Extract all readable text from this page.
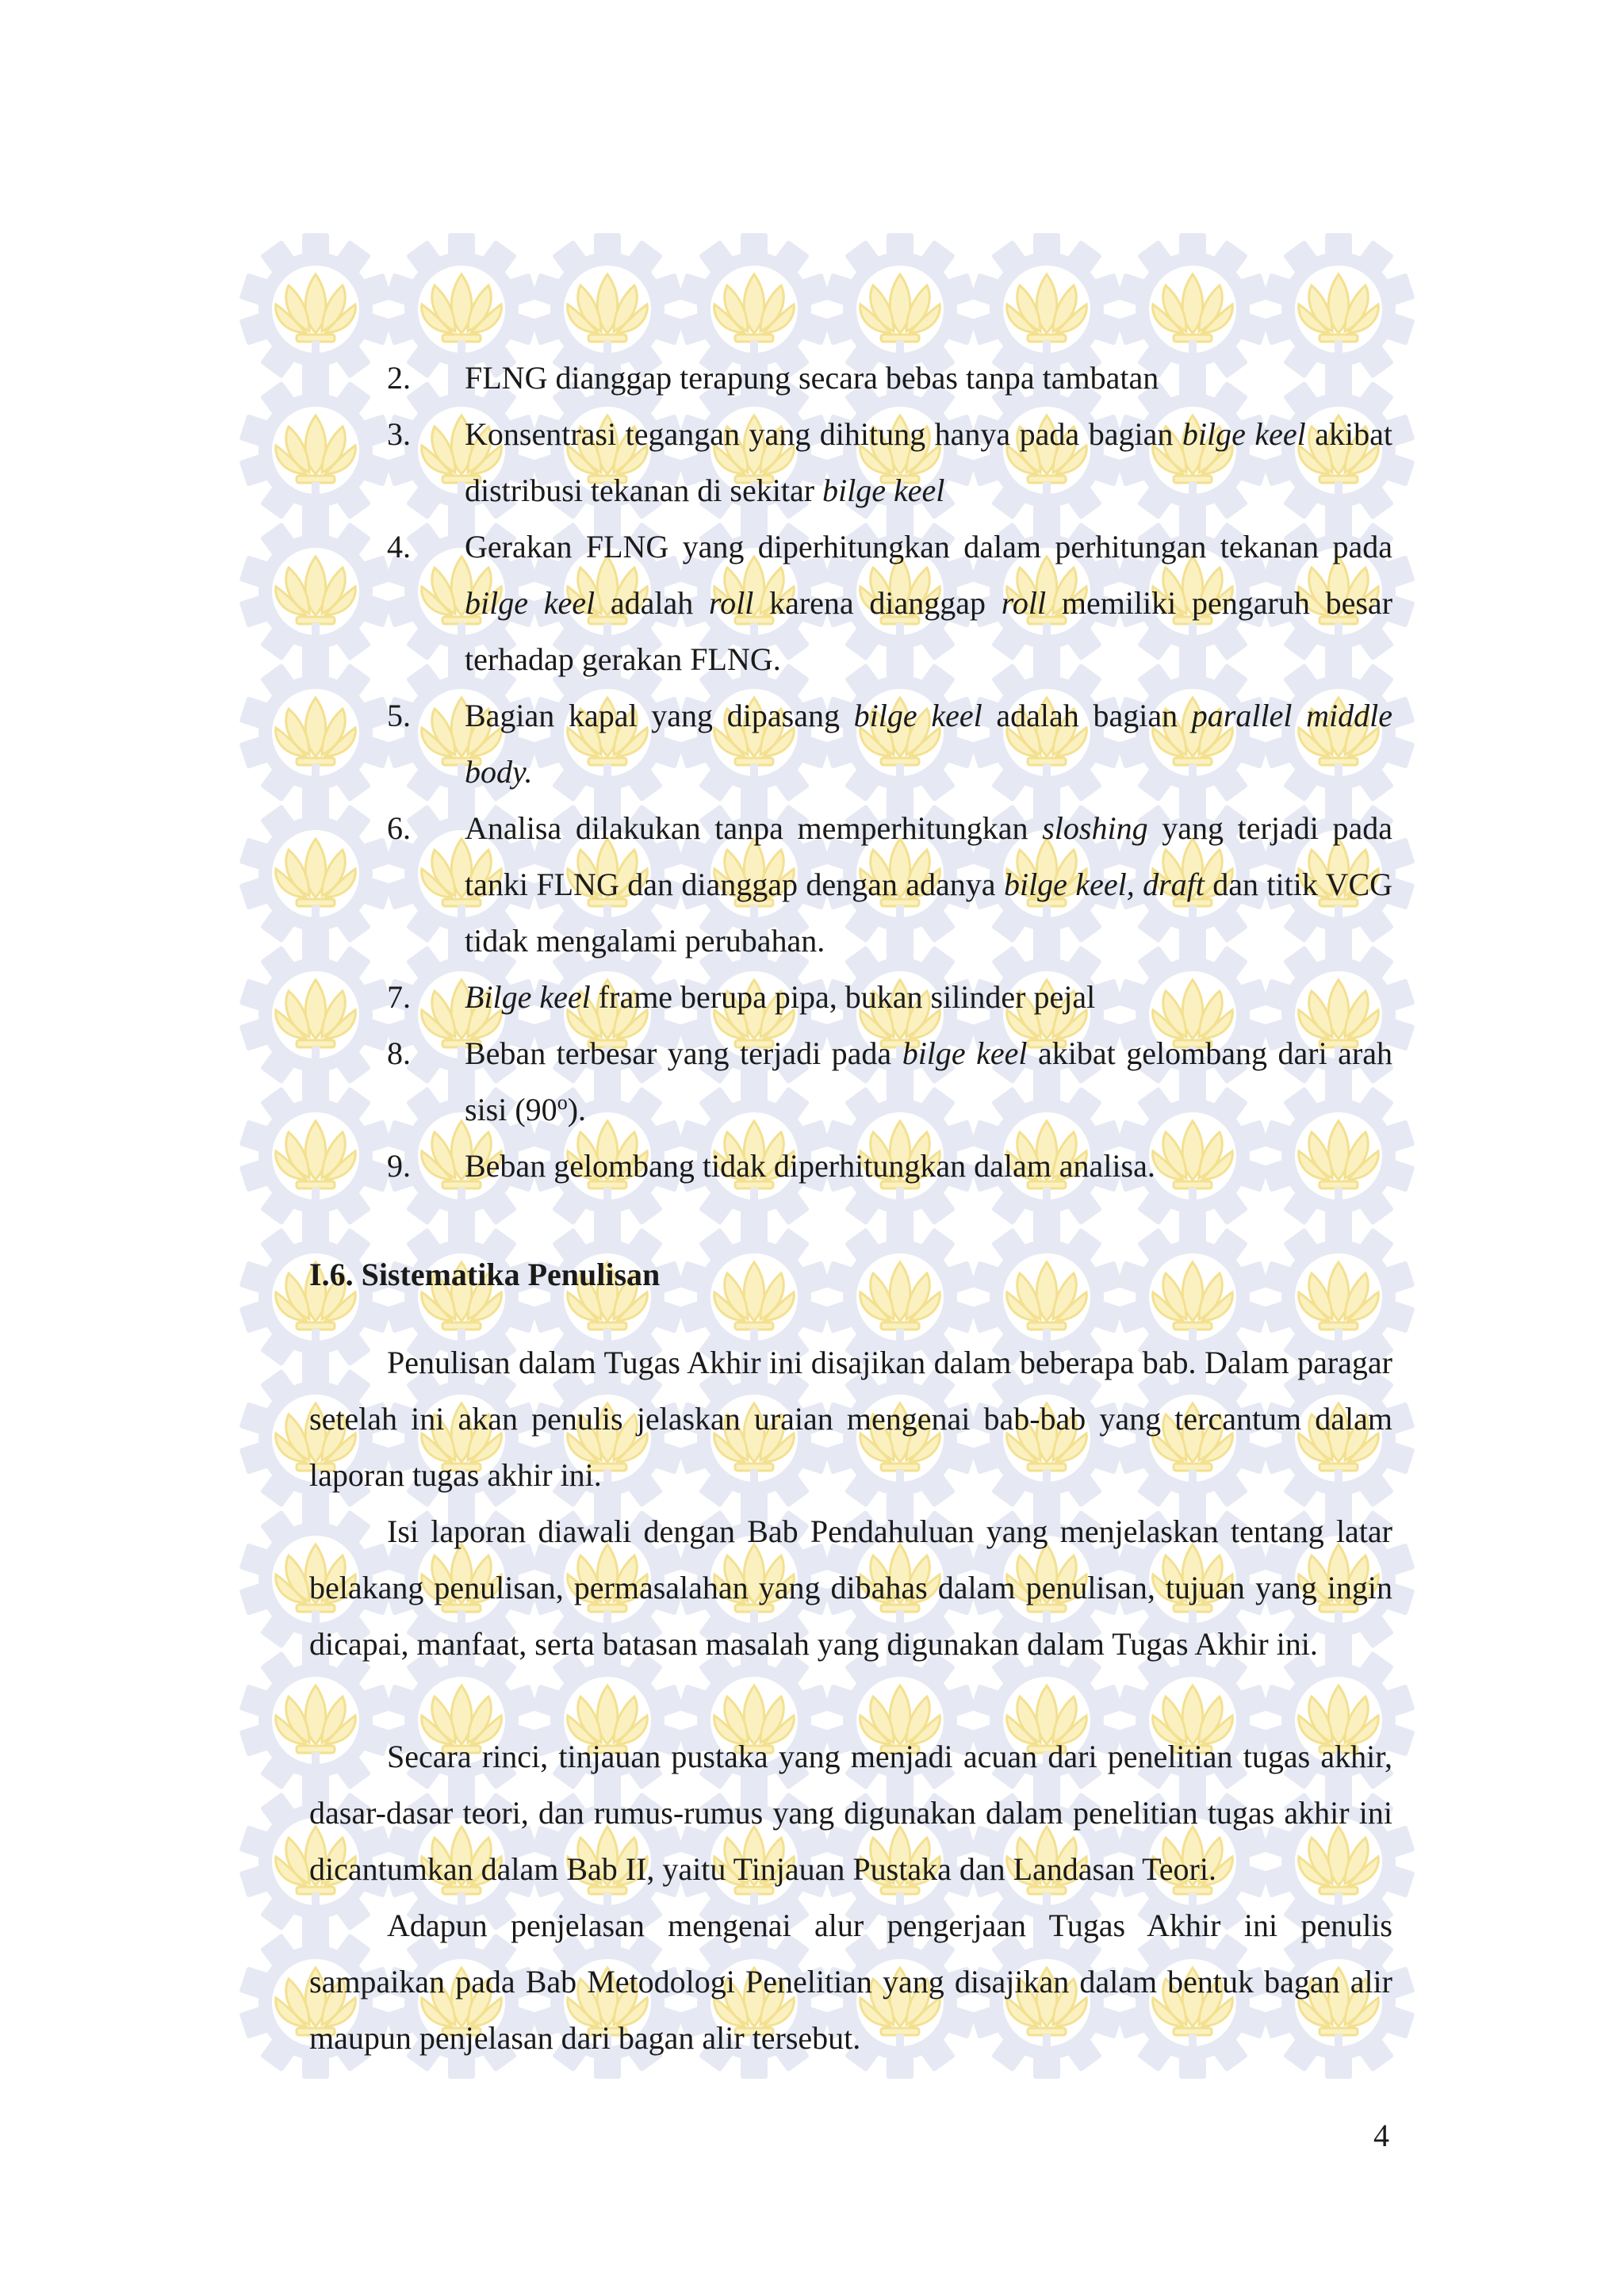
2. FLNG dianggap terapung secara bebas tanpa tambatan
3. Konsentrasi tegangan yang dihitung hanya pada bagian bilge keel akibat distribusi tekanan di sekitar bilge keel
4. Gerakan FLNG yang diperhitungkan dalam perhitungan tekanan pada bilge keel adalah roll karena dianggap roll memiliki pengaruh besar terhadap gerakan FLNG.
5. Bagian kapal yang dipasang bilge keel adalah bagian parallel middle body.
6. Analisa dilakukan tanpa memperhitungkan sloshing yang terjadi pada tanki FLNG dan dianggap dengan adanya bilge keel, draft dan titik VCG tidak mengalami perubahan.
7. Bilge keel frame berupa pipa, bukan silinder pejal
8. Beban terbesar yang terjadi pada bilge keel akibat gelombang dari arah sisi (90$^o$).
9. Beban gelombang tidak diperhitungkan dalam analisa.
I.6. Sistematika Penulisan
Penulisan dalam Tugas Akhir ini disajikan dalam beberapa bab. Dalam paragar setelah ini akan penulis jelaskan uraian mengenai bab-bab yang tercantum dalam laporan tugas akhir ini.
Isi laporan diawali dengan Bab Pendahuluan yang menjelaskan tentang latar belakang penulisan, permasalahan yang dibahas dalam penulisan, tujuan yang ingin dicapai, manfaat, serta batasan masalah yang digunakan dalam Tugas Akhir ini.
Secara rinci, tinjauan pustaka yang menjadi acuan dari penelitian tugas akhir, dasar-dasar teori, dan rumus-rumus yang digunakan dalam penelitian tugas akhir ini dicantumkan dalam Bab II, yaitu Tinjauan Pustaka dan Landasan Teori.
Adapun penjelasan mengenai alur pengerjaan Tugas Akhir ini penulis sampaikan pada Bab Metodologi Penelitian yang disajikan dalam bentuk bagan alir maupun penjelasan dari bagan alir tersebut.
4
